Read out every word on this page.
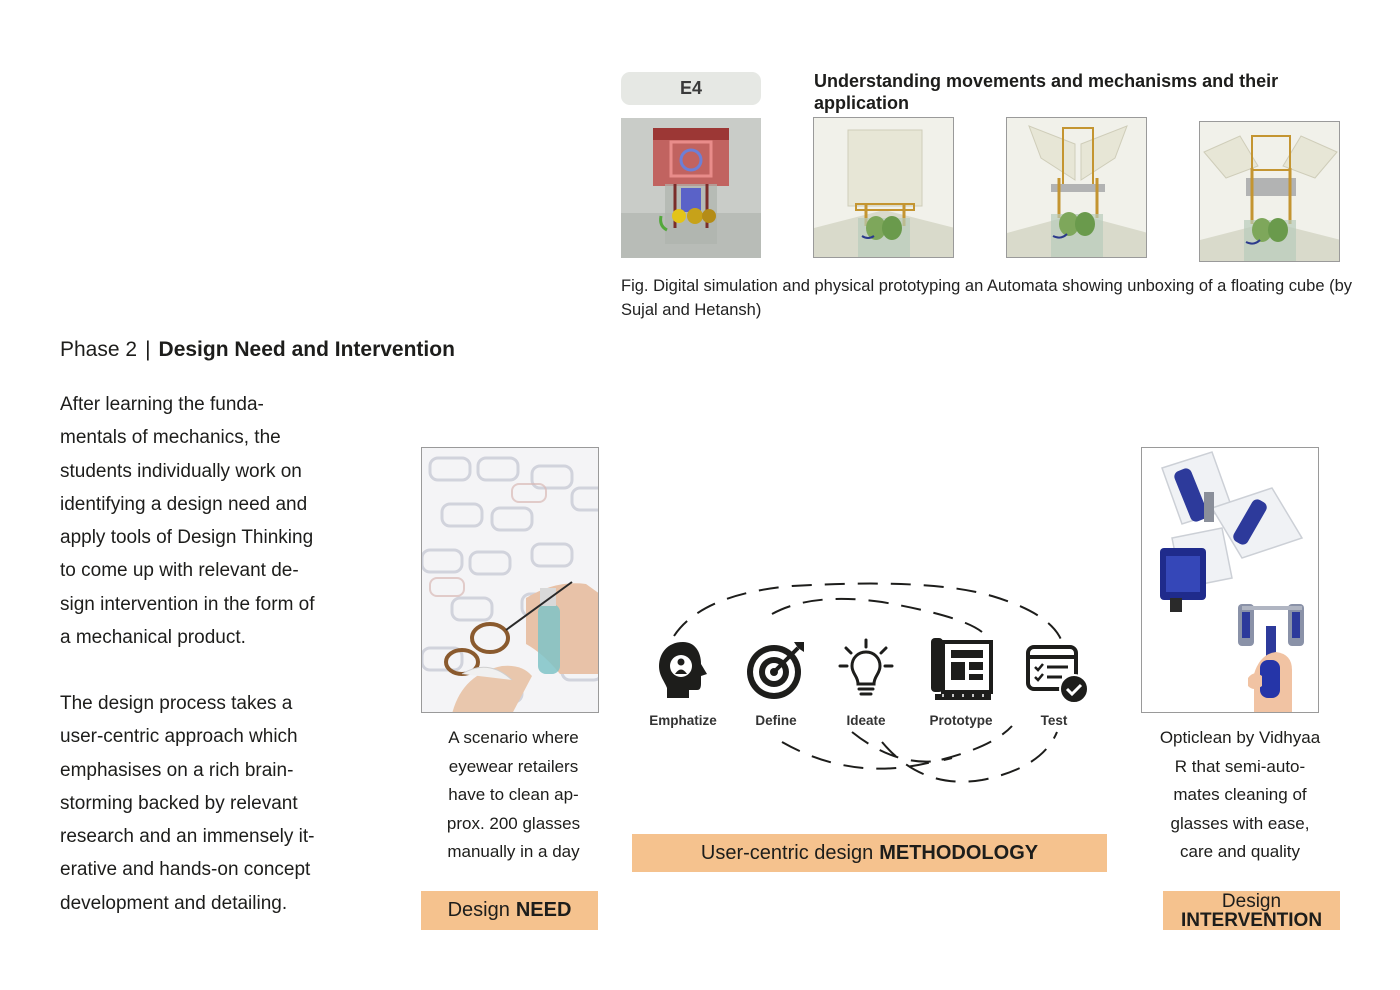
E4	Understanding movements and mechanisms and their application
Fig. Digital simulation and physical prototyping an Automata showing unboxing of a floating cube (by Sujal and Hetansh)
Phase 2 | Design Need and Intervention
After learning the funda-
mentals of mechanics, the
students individually work on
identifying a design need and
apply tools of Design Thinking
to come up with relevant de-
sign intervention in the form of
a mechanical product.
The design process takes a
user-centric approach which
emphasises on a rich brain-
storming backed by relevant
research and an immensely it-
erative and hands-on concept
development and detailing.
A scenario where
eyewear retailers
have to clean ap-
prox. 200 glasses
manually in a day
Design NEED
Emphatize	Define	Ideate	Prototype	Test
User-centric design METHODOLOGY
Opticlean by Vidhyaa
R that semi-auto-
mates cleaning of
glasses with ease,
care and quality
Design
INTERVENTION
